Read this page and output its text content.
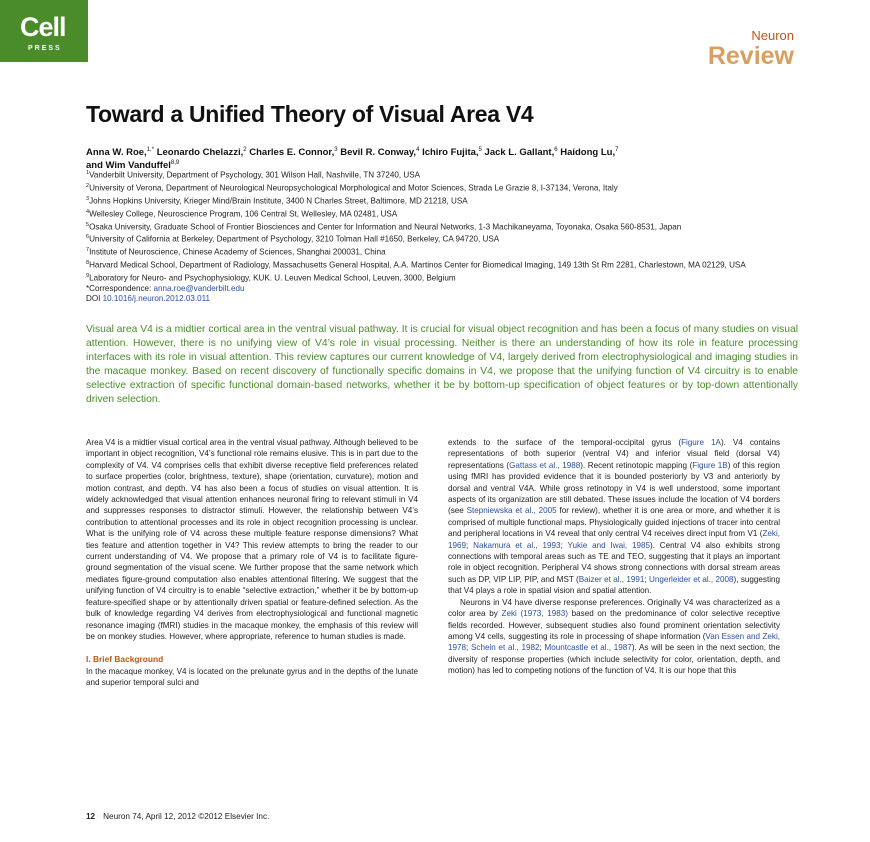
Cell
PRESS
Neuron
Review
Toward a Unified Theory of Visual Area V4
Anna W. Roe,$^{1,*}$ Leonardo Chelazzi,$^2$ Charles E. Connor,$^3$ Bevil R. Conway,$^4$ Ichiro Fujita,$^5$ Jack L. Gallant,$^6$ Haidong Lu,$^7$
and Wim Vanduffel$^{8,9}$
$^1$Vanderbilt University, Department of Psychology, 301 Wilson Hall, Nashville, TN 37240, USA
$^2$University of Verona, Department of Neurological Neuropsychological Morphological and Motor Sciences, Strada Le Grazie 8, I-37134, Verona, Italy
$^3$Johns Hopkins University, Krieger Mind/Brain Institute, 3400 N Charles Street, Baltimore, MD 21218, USA
$^4$Wellesley College, Neuroscience Program, 106 Central St, Wellesley, MA 02481, USA
$^5$Osaka University, Graduate School of Frontier Biosciences and Center for Information and Neural Networks, 1-3 Machikaneyama, Toyonaka, Osaka 560-8531, Japan
$^6$University of California at Berkeley, Department of Psychology, 3210 Tolman Hall #1650, Berkeley, CA 94720, USA
$^7$Institute of Neuroscience, Chinese Academy of Sciences, Shanghai 200031, China
$^8$Harvard Medical School, Department of Radiology, Massachusetts General Hospital, A.A. Martinos Center for Biomedical Imaging, 149 13th St Rm 2281, Charlestown, MA 02129, USA
$^9$Laboratory for Neuro- and Psychophysiology, KUK. U. Leuven Medical School, Leuven, 3000, Belgium
*Correspondence: anna.roe@vanderbilt.edu
DOI 10.1016/j.neuron.2012.03.011

Visual area V4 is a midtier cortical area in the ventral visual pathway. It is crucial for visual object recognition and has been a focus of many studies on visual attention. However, there is no unifying view of V4’s role in visual processing. Neither is there an understanding of how its role in feature processing interfaces with its role in visual attention. This review captures our current knowledge of V4, largely derived from electrophysiological and imaging studies in the macaque monkey. Based on recent discovery of functionally specific domains in V4, we propose that the unifying function of V4 circuitry is to enable selective extraction of specific functional domain-based networks, whether it be by bottom-up specification of object features or by top-down attentionally driven selection.

Area V4 is a midtier visual cortical area in the ventral visual pathway. Although believed to be important in object recognition, V4’s functional role remains elusive. This is in part due to the complexity of V4. V4 comprises cells that exhibit diverse receptive field preferences related to surface properties (color, brightness, texture), shape (orientation, curvature), motion and motion contrast, and depth. V4 has also been a focus of studies on visual attention. It is widely acknowledged that visual attention enhances neuronal firing to relevant stimuli in V4 and suppresses responses to distractor stimuli. However, the relationship between V4’s contribution to attentional processes and its role in object recognition processing is unclear. What is the unifying role of V4 across these multiple feature response dimensions? What ties feature and attention together in V4? This review attempts to bring the reader to our current understanding of V4. We propose that a primary role of V4 is to facilitate figure-ground segmentation of the visual scene. We further propose that the same network which mediates figure-ground computation also enables attentional filtering. We suggest that the unifying function of V4 circuitry is to enable “selective extraction,” whether it be by bottom-up feature-specified shape or by attentionally driven spatial or feature-defined selection. As the bulk of knowledge regarding V4 derives from electrophysiological and functional magnetic resonance imaging (fMRI) studies in the macaque monkey, the emphasis of this review will be on monkey studies. However, where appropriate, reference to human studies is made.

I. Brief Background

In the macaque monkey, V4 is located on the prelunate gyrus and in the depths of the lunate and superior temporal sulci and

extends to the surface of the temporal-occipital gyrus (Figure 1A). V4 contains representations of both superior (ventral V4) and inferior visual field (dorsal V4) representations (Gattass et al., 1988). Recent retinotopic mapping (Figure 1B) of this region using fMRI has provided evidence that it is bounded posteriorly by V3 and anteriorly by dorsal and ventral V4A. While gross retinotopy in V4 is well understood, some important aspects of its organization are still debated. These issues include the location of V4 borders (see Stepniewska et al., 2005 for review), whether it is one area or more, and whether it is comprised of multiple functional maps. Physiologically guided injections of tracer into central and peripheral locations in V4 reveal that only central V4 receives direct input from V1 (Zeki, 1969; Nakamura et al., 1993; Yukie and Iwai, 1985). Central V4 also exhibits strong connections with temporal areas such as TE and TEO, suggesting that it plays an important role in object recognition. Peripheral V4 shows strong connections with dorsal stream areas such as DP, VIP LIP, PIP, and MST (Baizer et al., 1991; Ungerleider et al., 2008), suggesting that V4 plays a role in spatial vision and spatial attention.

Neurons in V4 have diverse response preferences. Originally V4 was characterized as a color area by Zeki (1973, 1983) based on the predominance of color selective receptive fields recorded. However, subsequent studies also found prominent orientation selectivity among V4 cells, suggesting its role in processing of shape information (Van Essen and Zeki, 1978; Schein et al., 1982; Mountcastle et al., 1987). As will be seen in the next section, the diversity of response properties (which include selectivity for color, orientation, depth, and motion) has led to competing notions of the function of V4. It is our hope that this

12 Neuron 74, April 12, 2012 ©2012 Elsevier Inc.
